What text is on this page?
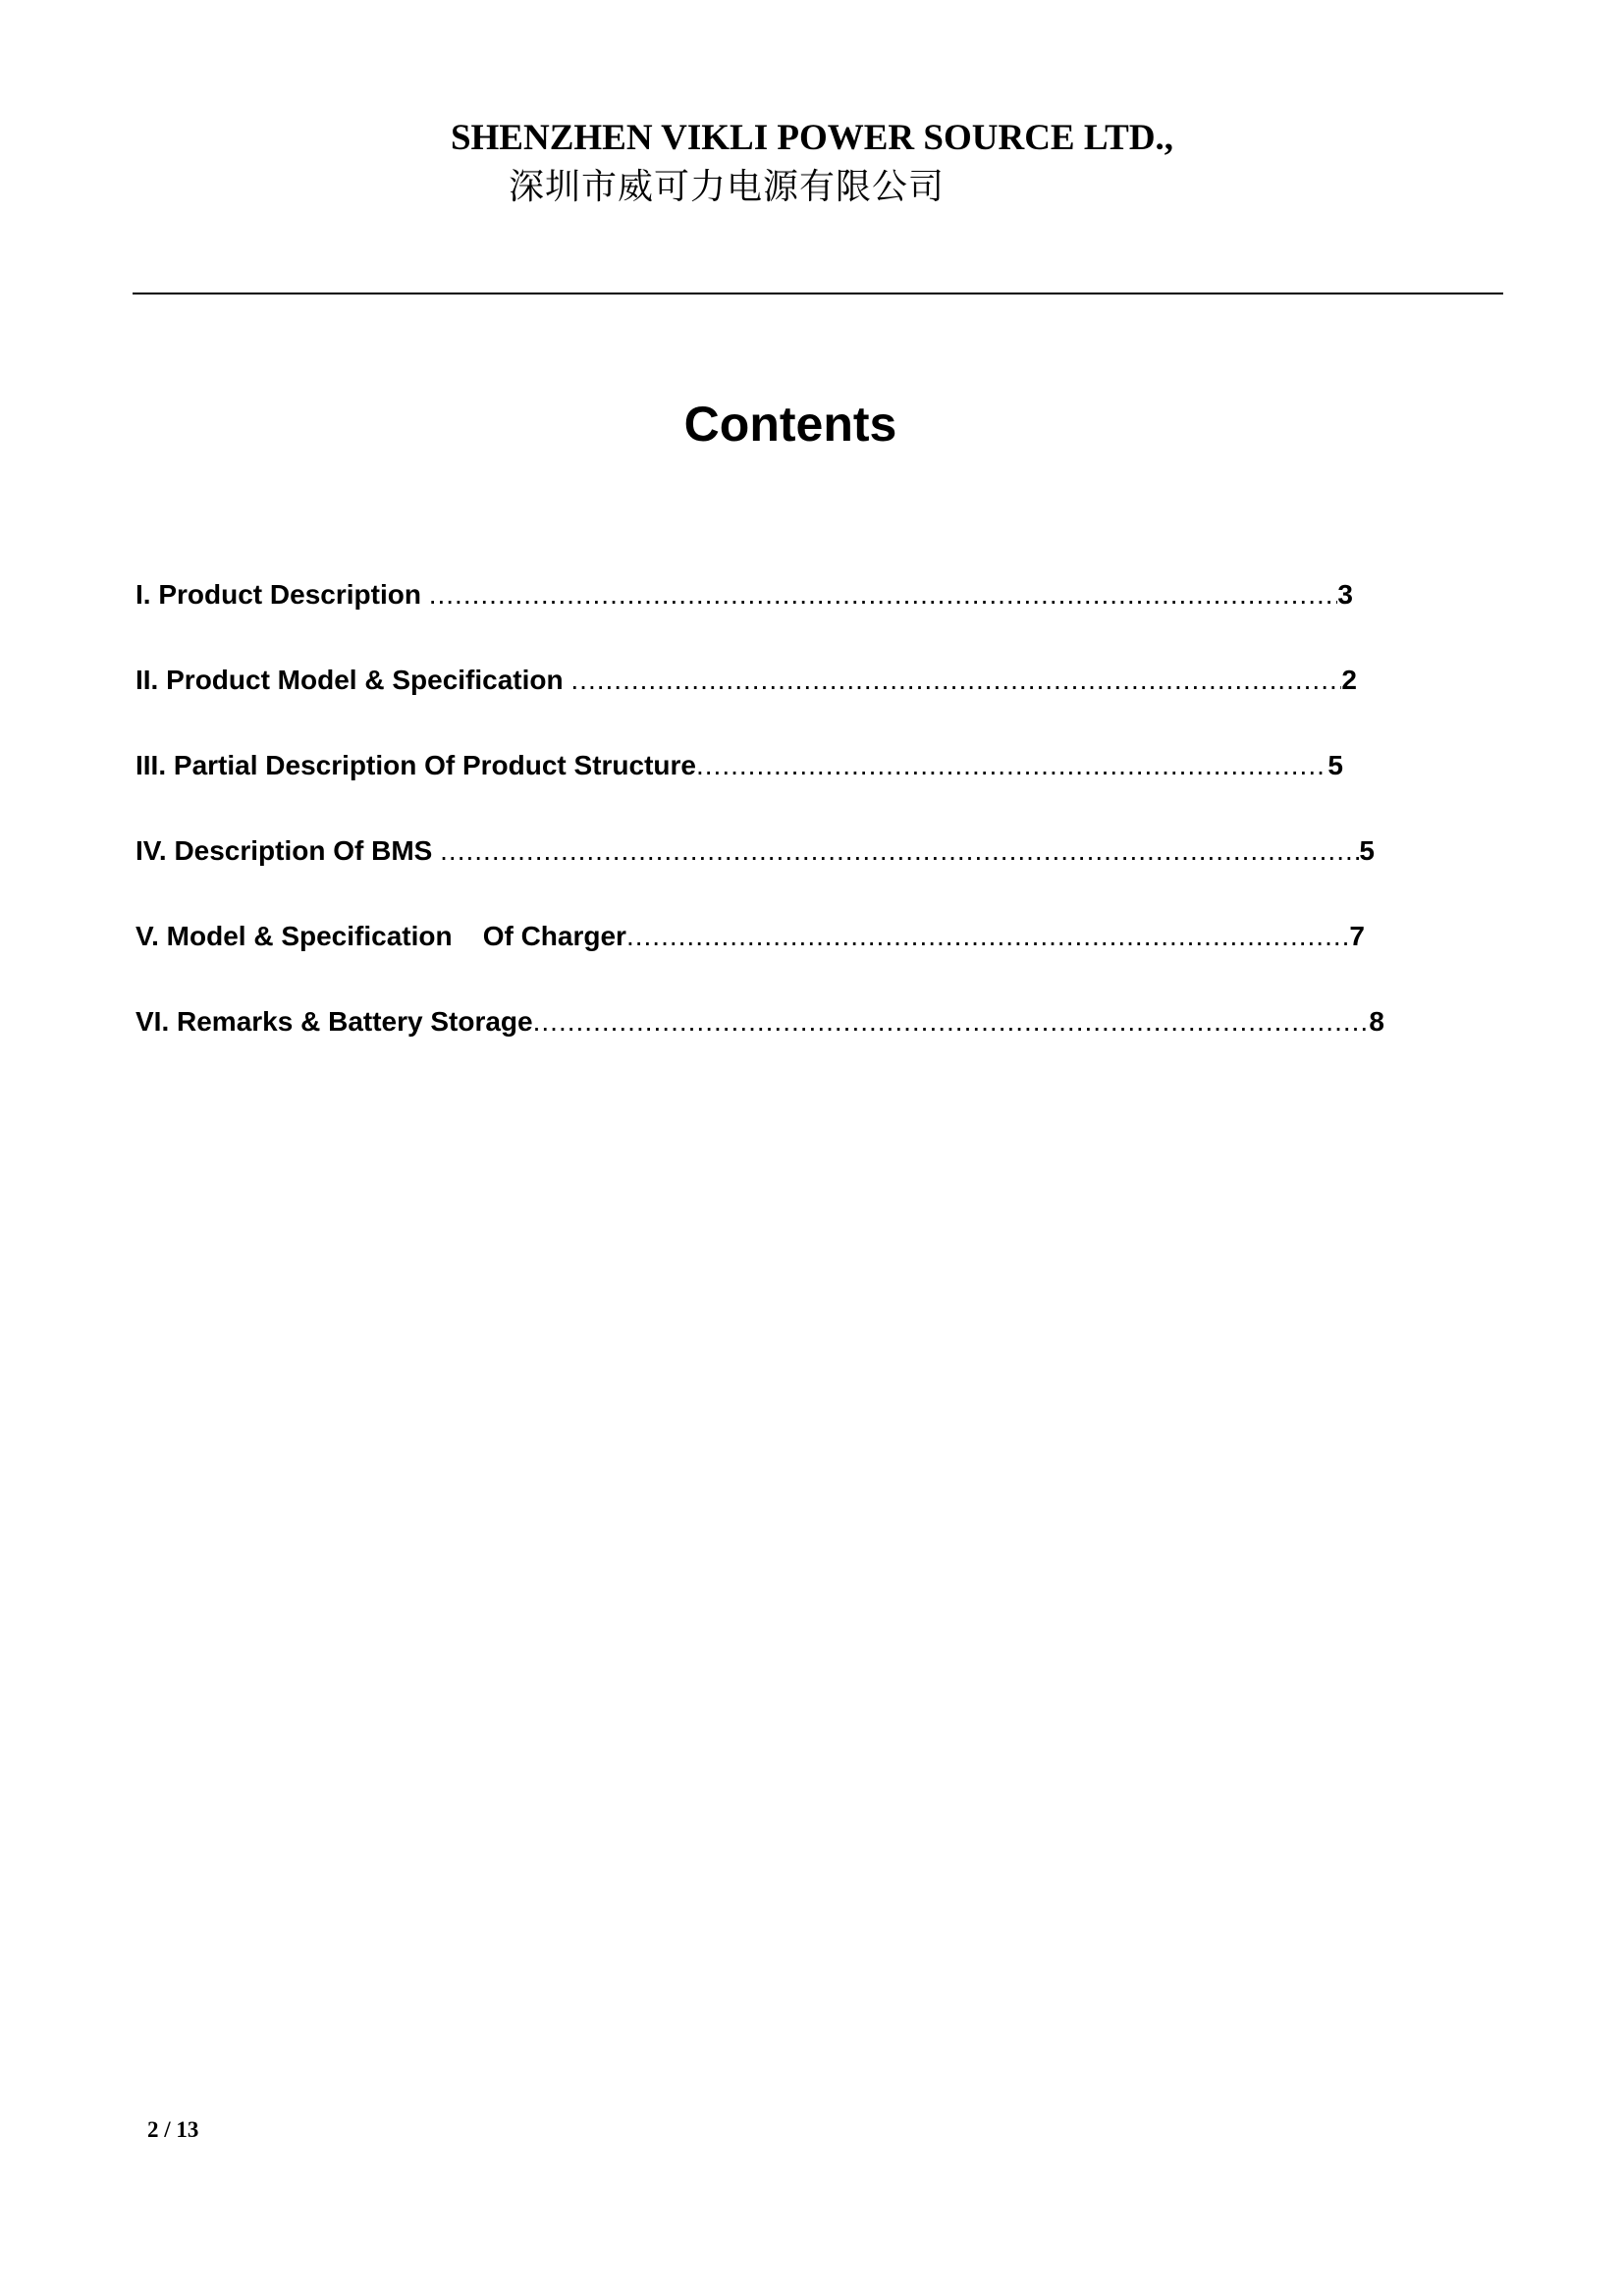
SHENZHEN VIKLI POWER SOURCE LTD.,
深圳市威可力电源有限公司
Contents
I. Product Description .....	3
II. Product Model & Specification .....	2
III. Partial Description Of Product Structure .....	5
IV. Description Of BMS .....	5
V. Model & Specification    Of Charger .....	7
VI. Remarks & Battery Storage .....	8
2 / 13
